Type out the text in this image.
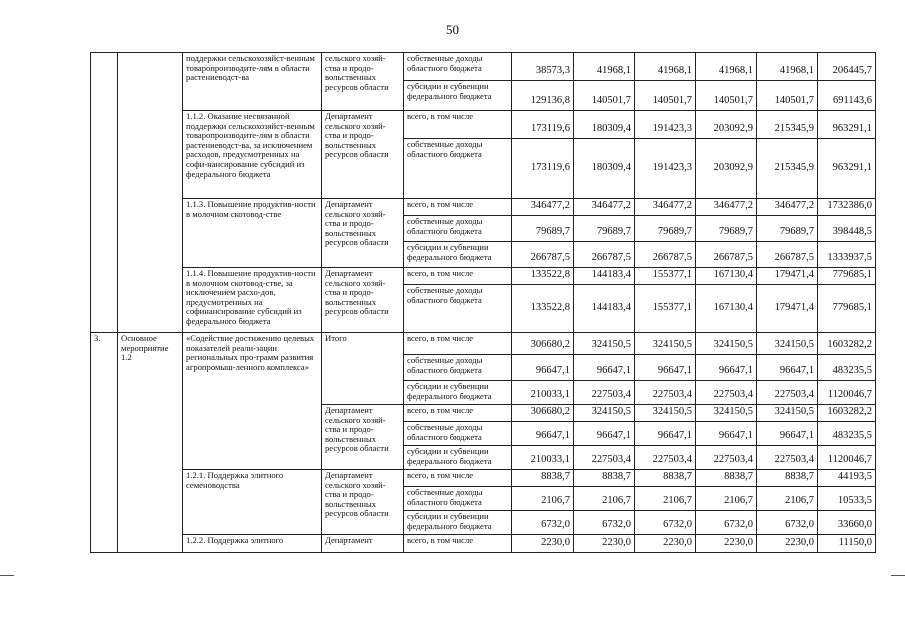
50
		поддержки сельскохозяйст-венным товаропроизводите-лям в области растениеводст-ва	сельского хозяй-ства и продо-вольственных ресурсов области	собственные доходы областного бюджета	38573,3	41968,1	41968,1	41968,1	41968,1	206445,7
				субсидии и субвенции федерального бюджета	129136,8	140501,7	140501,7	140501,7	140501,7	691143,6
		1.1.2. Оказание несвязанной поддержки сельскохозяйст-венным товаропроизводите-лям в области растениеводст-ва, за исключением расходов, предусмотренных на софи-нансирование субсидий из федерального бюджета	Департамент сельского хозяй-ства и продо-вольственных ресурсов области	всего, в том числе	173119,6	180309,4	191423,3	203092,9	215345,9	963291,1
				собственные доходы областного бюджета	173119,6	180309,4	191423,3	203092,9	215345,9	963291,1
		1.1.3. Повышение продуктив-ности в молочном скотовод-стве	Департамент сельского хозяй-ства и продо-вольственных ресурсов области	всего, в том числе	346477,2	346477,2	346477,2	346477,2	346477,2	1732386,0
				собственные доходы областного бюджета	79689,7	79689,7	79689,7	79689,7	79689,7	398448,5
				субсидии и субвенции федерального бюджета	266787,5	266787,5	266787,5	266787,5	266787,5	1333937,5
		1.1.4. Повышение продуктив-ности в молочном скотовод-стве, за исключением расхо-дов, предусмотренных на софинансирование субсидий из федерального бюджета	Департамент сельского хозяй-ства и продо-вольственных ресурсов области	всего, в том числе	133522,8	144183,4	155377,1	167130,4	179471,4	779685,1
				собственные доходы областного бюджета	133522,8	144183,4	155377,1	167130,4	179471,4	779685,1
3.	Основное мероприятие 1.2	«Содействие достижению целевых показателей реали-зации региональных про-грамм развития агропромыш-ленного комплекса»	Итого	всего, в том числе	306680,2	324150,5	324150,5	324150,5	324150,5	1603282,2
				собственные доходы областного бюджета	96647,1	96647,1	96647,1	96647,1	96647,1	483235,5
				субсидии и субвенции федерального бюджета	210033,1	227503,4	227503,4	227503,4	227503,4	1120046,7
			Департамент сельского хозяй-ства и продо-вольственных ресурсов области	всего, в том числе	306680,2	324150,5	324150,5	324150,5	324150,5	1603282,2
				собственные доходы областного бюджета	96647,1	96647,1	96647,1	96647,1	96647,1	483235,5
				субсидии и субвенции федерального бюджета	210033,1	227503,4	227503,4	227503,4	227503,4	1120046,7
		1.2.1. Поддержка элитного семеноводства	Департамент сельского хозяй-ства и продо-вольственных ресурсов области	всего, в том числе	8838,7	8838,7	8838,7	8838,7	8838,7	44193,5
				собственные доходы областного бюджета	2106,7	2106,7	2106,7	2106,7	2106,7	10533,5
				субсидии и субвенции федерального бюджета	6732,0	6732,0	6732,0	6732,0	6732,0	33660,0
		1.2.2. Поддержка элитного	Департамент	всего, в том числе	2230,0	2230,0	2230,0	2230,0	2230,0	11150,0
